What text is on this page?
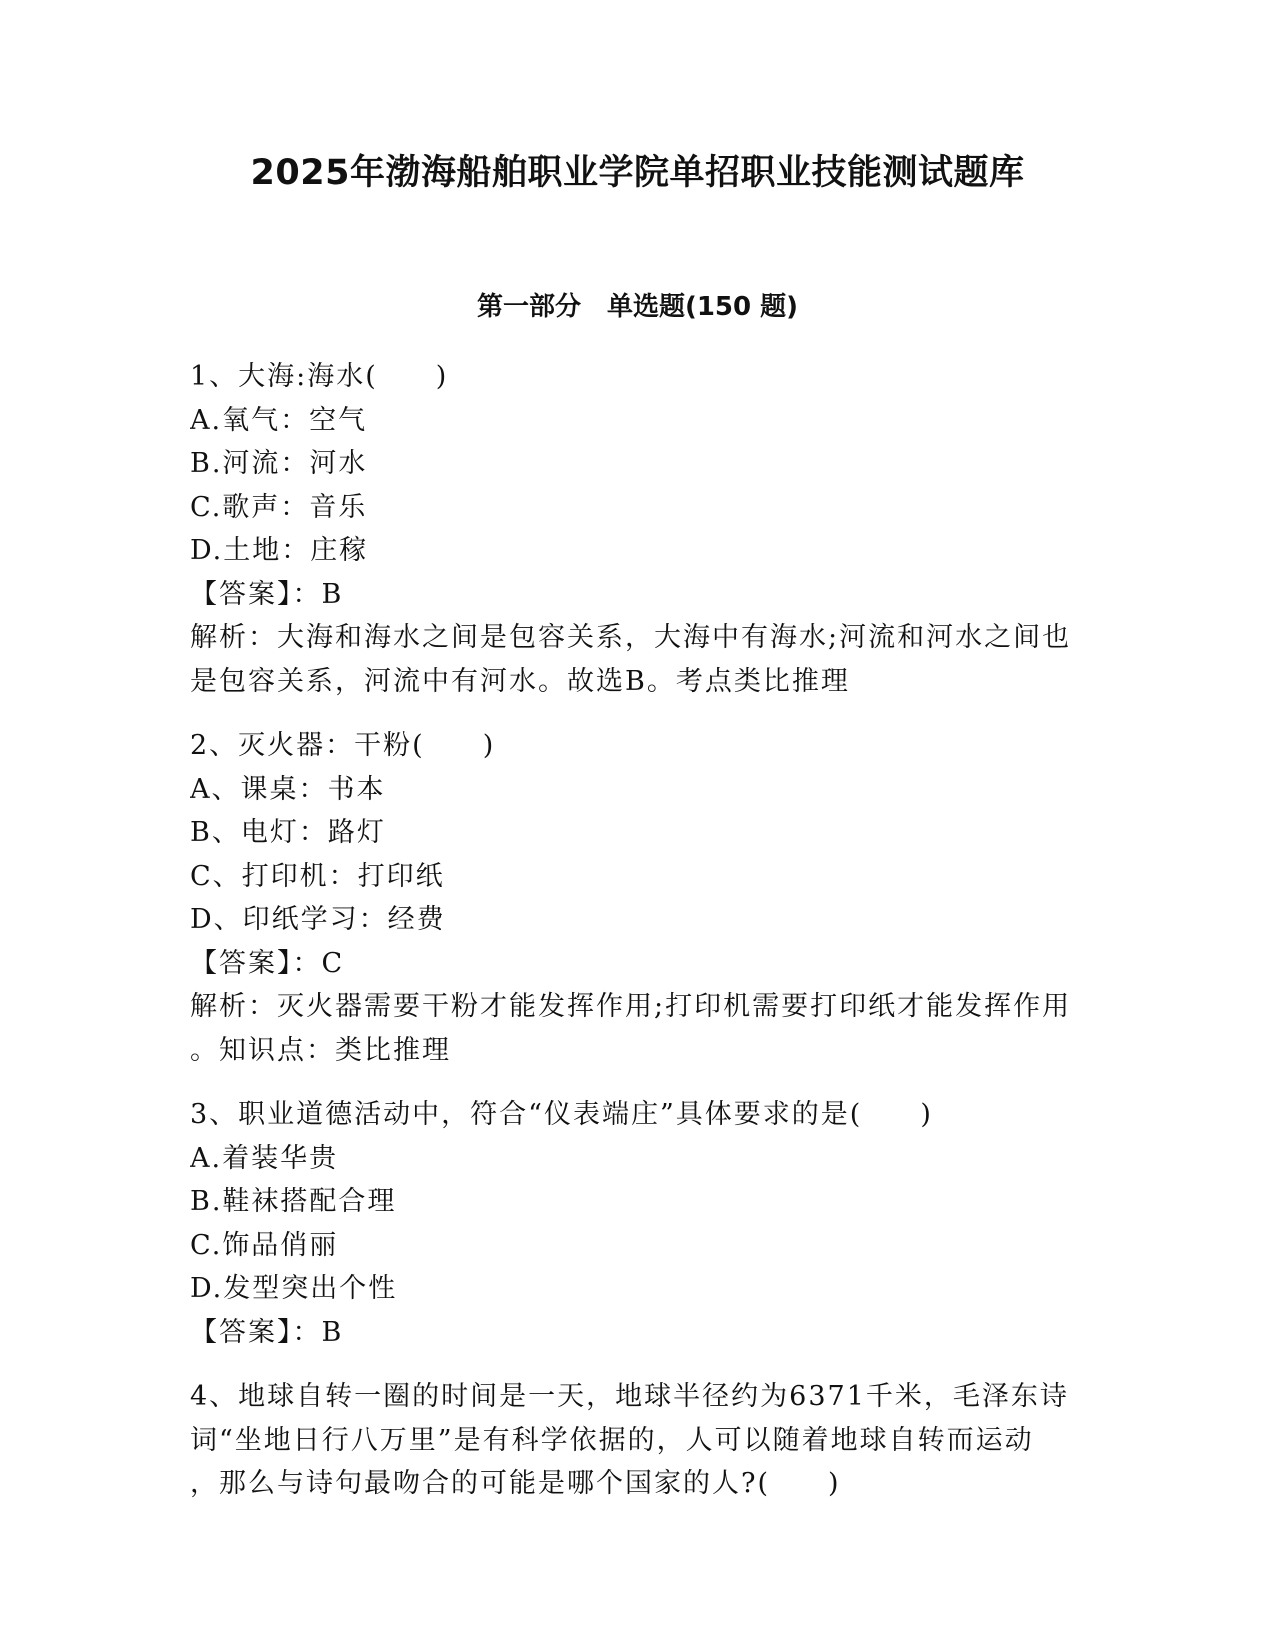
2025年渤海船舶职业学院单招职业技能测试题库
第一部分　单选题(150 题)
1、大海:海水(　　)
A.氧气：空气
B.河流：河水
C.歌声：音乐
D.土地：庄稼
【答案】：B
解析：大海和海水之间是包容关系，大海中有海水;河流和河水之间也
是包容关系，河流中有河水。故选B。考点类比推理
2、灭火器：干粉(　　)
A、课桌：书本
B、电灯：路灯
C、打印机：打印纸
D、印纸学习：经费
【答案】：C
解析：灭火器需要干粉才能发挥作用;打印机需要打印纸才能发挥作用
。知识点：类比推理
3、职业道德活动中，符合“仪表端庄”具体要求的是(　　)
A.着装华贵
B.鞋袜搭配合理
C.饰品俏丽
D.发型突出个性
【答案】：B
4、地球自转一圈的时间是一天，地球半径约为6371千米，毛泽东诗
词“坐地日行八万里”是有科学依据的，人可以随着地球自转而运动
，那么与诗句最吻合的可能是哪个国家的人?(　　)
